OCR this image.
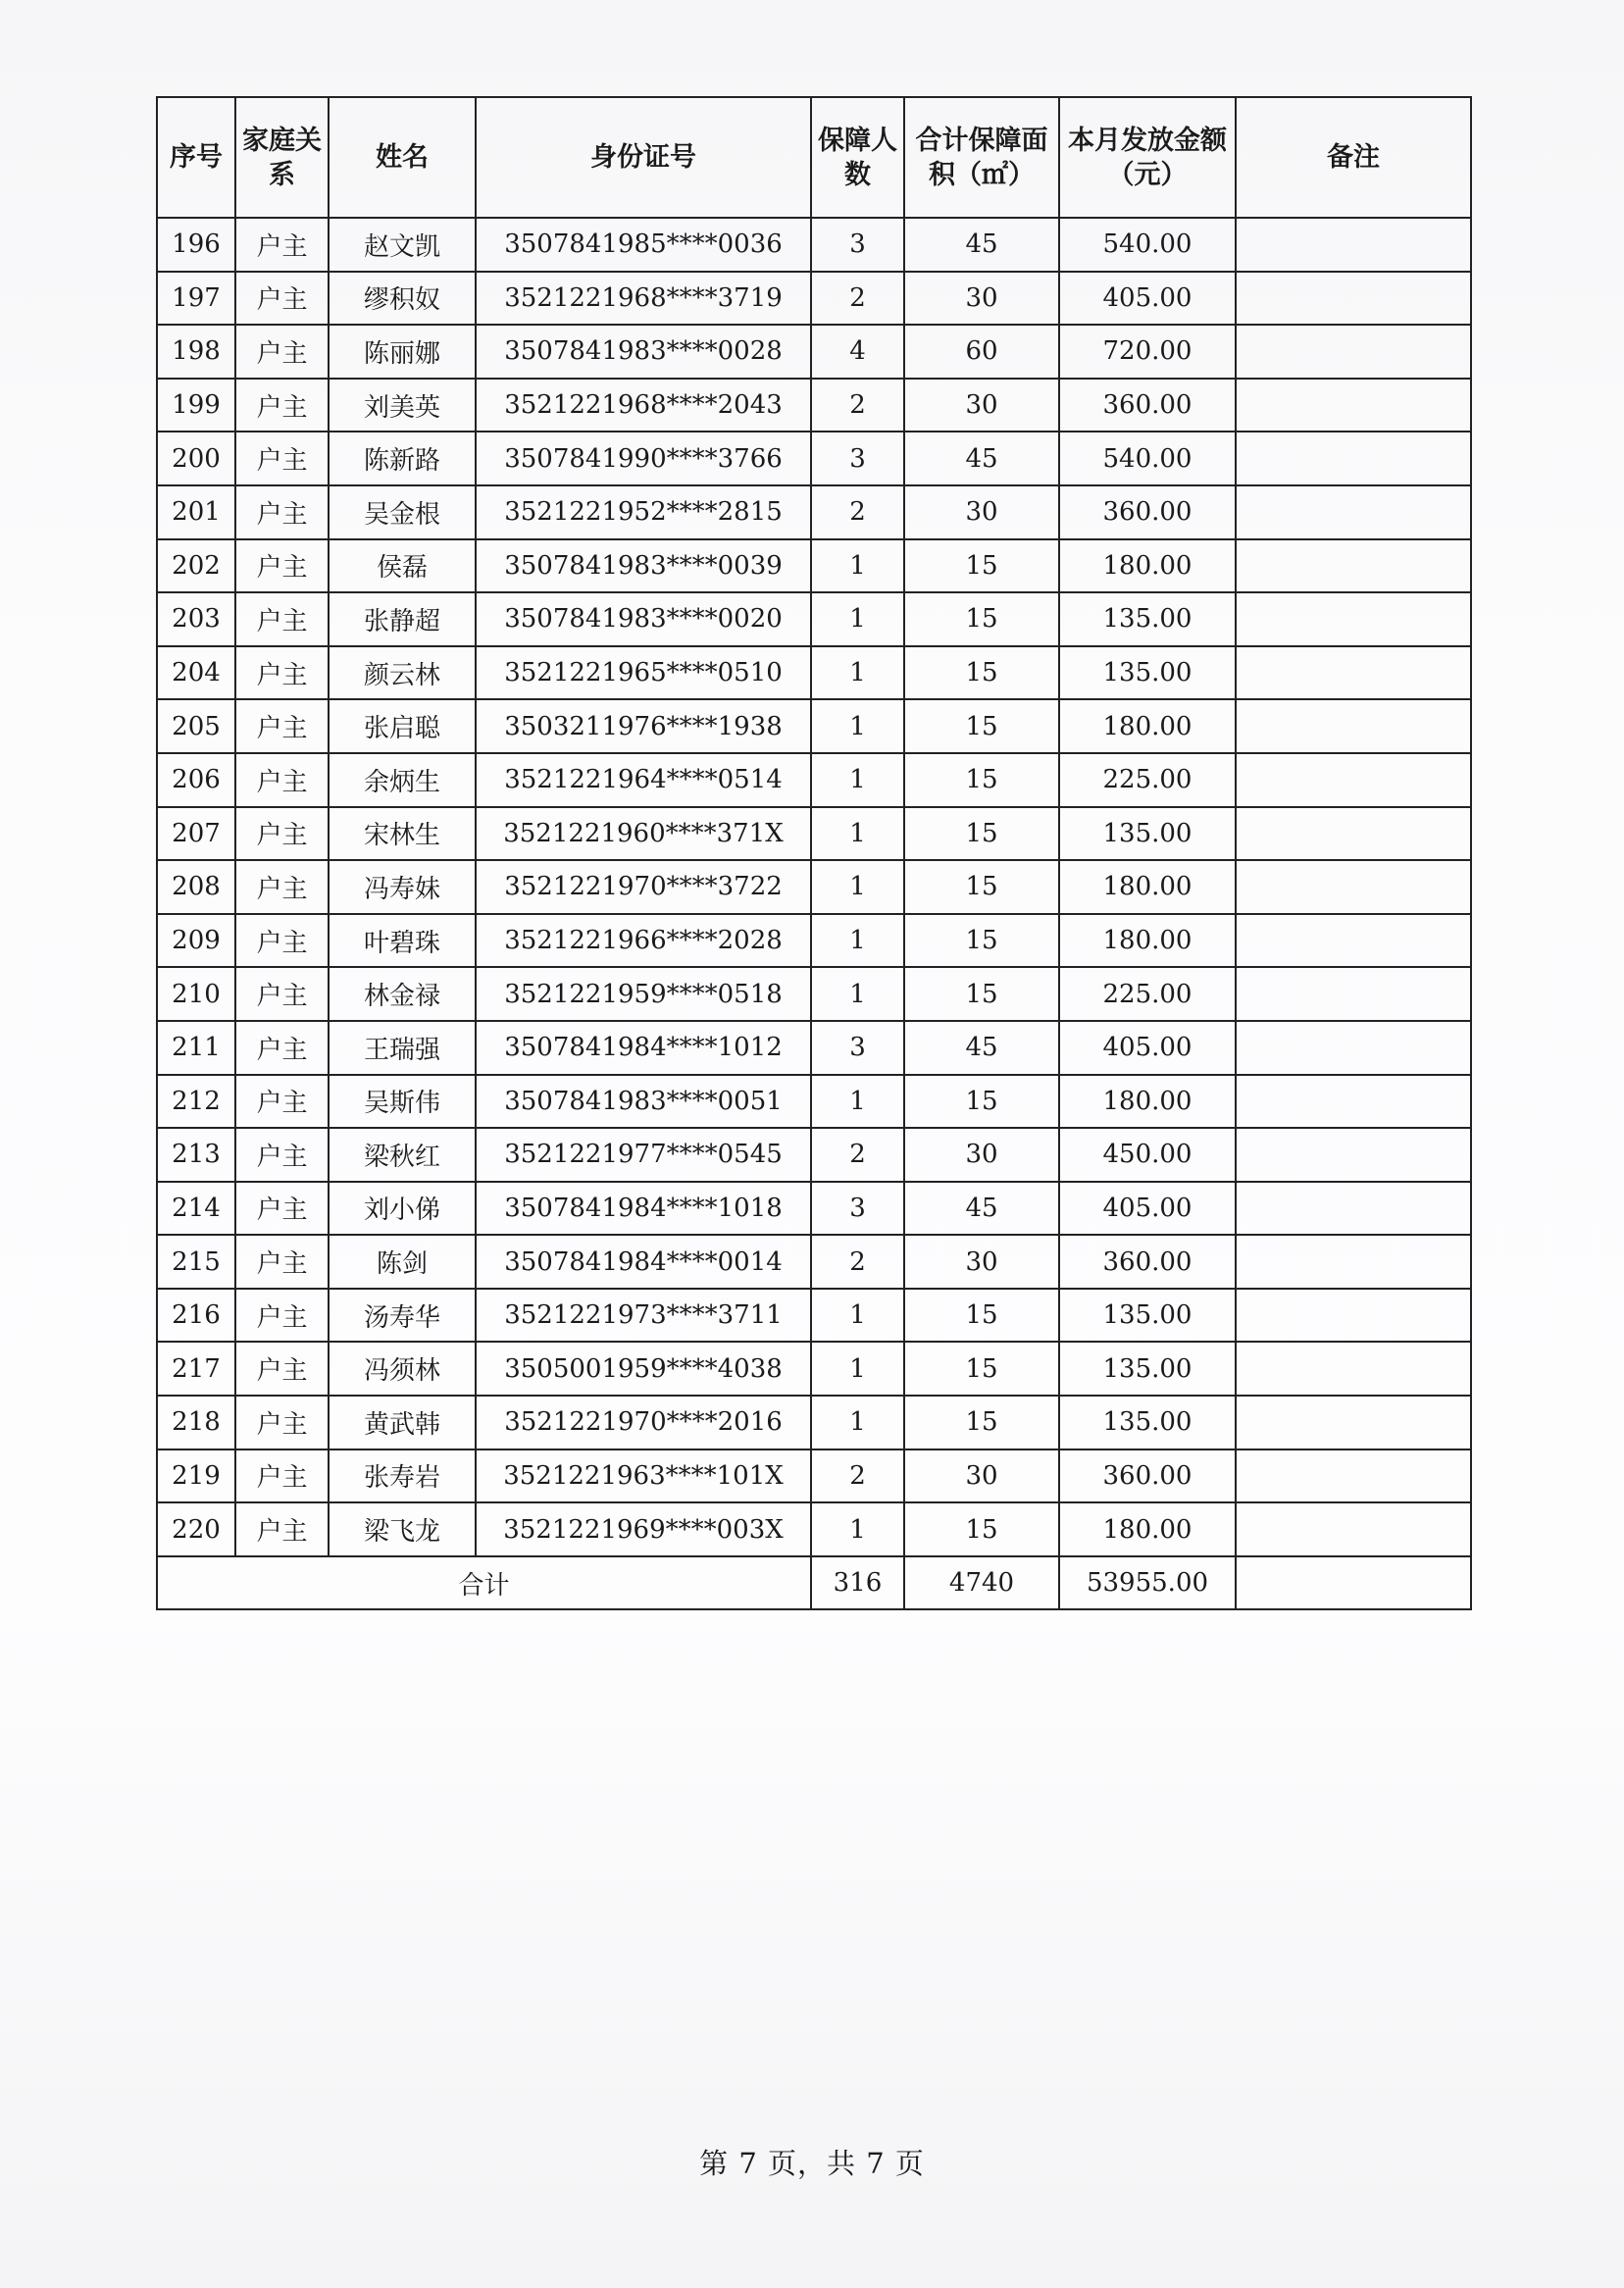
序号	家庭关系	姓名	身份证号	保障人数	合计保障面积（㎡）	本月发放金额（元）	备注
196	户主	赵文凯	3507841985****0036	3	45	540.00	
197	户主	缪积奴	3521221968****3719	2	30	405.00	
198	户主	陈丽娜	3507841983****0028	4	60	720.00	
199	户主	刘美英	3521221968****2043	2	30	360.00	
200	户主	陈新路	3507841990****3766	3	45	540.00	
201	户主	吴金根	3521221952****2815	2	30	360.00	
202	户主	侯磊	3507841983****0039	1	15	180.00	
203	户主	张静超	3507841983****0020	1	15	135.00	
204	户主	颜云林	3521221965****0510	1	15	135.00	
205	户主	张启聪	3503211976****1938	1	15	180.00	
206	户主	余炳生	3521221964****0514	1	15	225.00	
207	户主	宋林生	3521221960****371X	1	15	135.00	
208	户主	冯寿妹	3521221970****3722	1	15	180.00	
209	户主	叶碧珠	3521221966****2028	1	15	180.00	
210	户主	林金禄	3521221959****0518	1	15	225.00	
211	户主	王瑞强	3507841984****1012	3	45	405.00	
212	户主	吴斯伟	3507841983****0051	1	15	180.00	
213	户主	梁秋红	3521221977****0545	2	30	450.00	
214	户主	刘小俤	3507841984****1018	3	45	405.00	
215	户主	陈剑	3507841984****0014	2	30	360.00	
216	户主	汤寿华	3521221973****3711	1	15	135.00	
217	户主	冯须林	3505001959****4038	1	15	135.00	
218	户主	黄武韩	3521221970****2016	1	15	135.00	
219	户主	张寿岩	3521221963****101X	2	30	360.00	
220	户主	梁飞龙	3521221969****003X	1	15	180.00	
合计				316	4740	53955.00	
第 7 页，共 7 页
